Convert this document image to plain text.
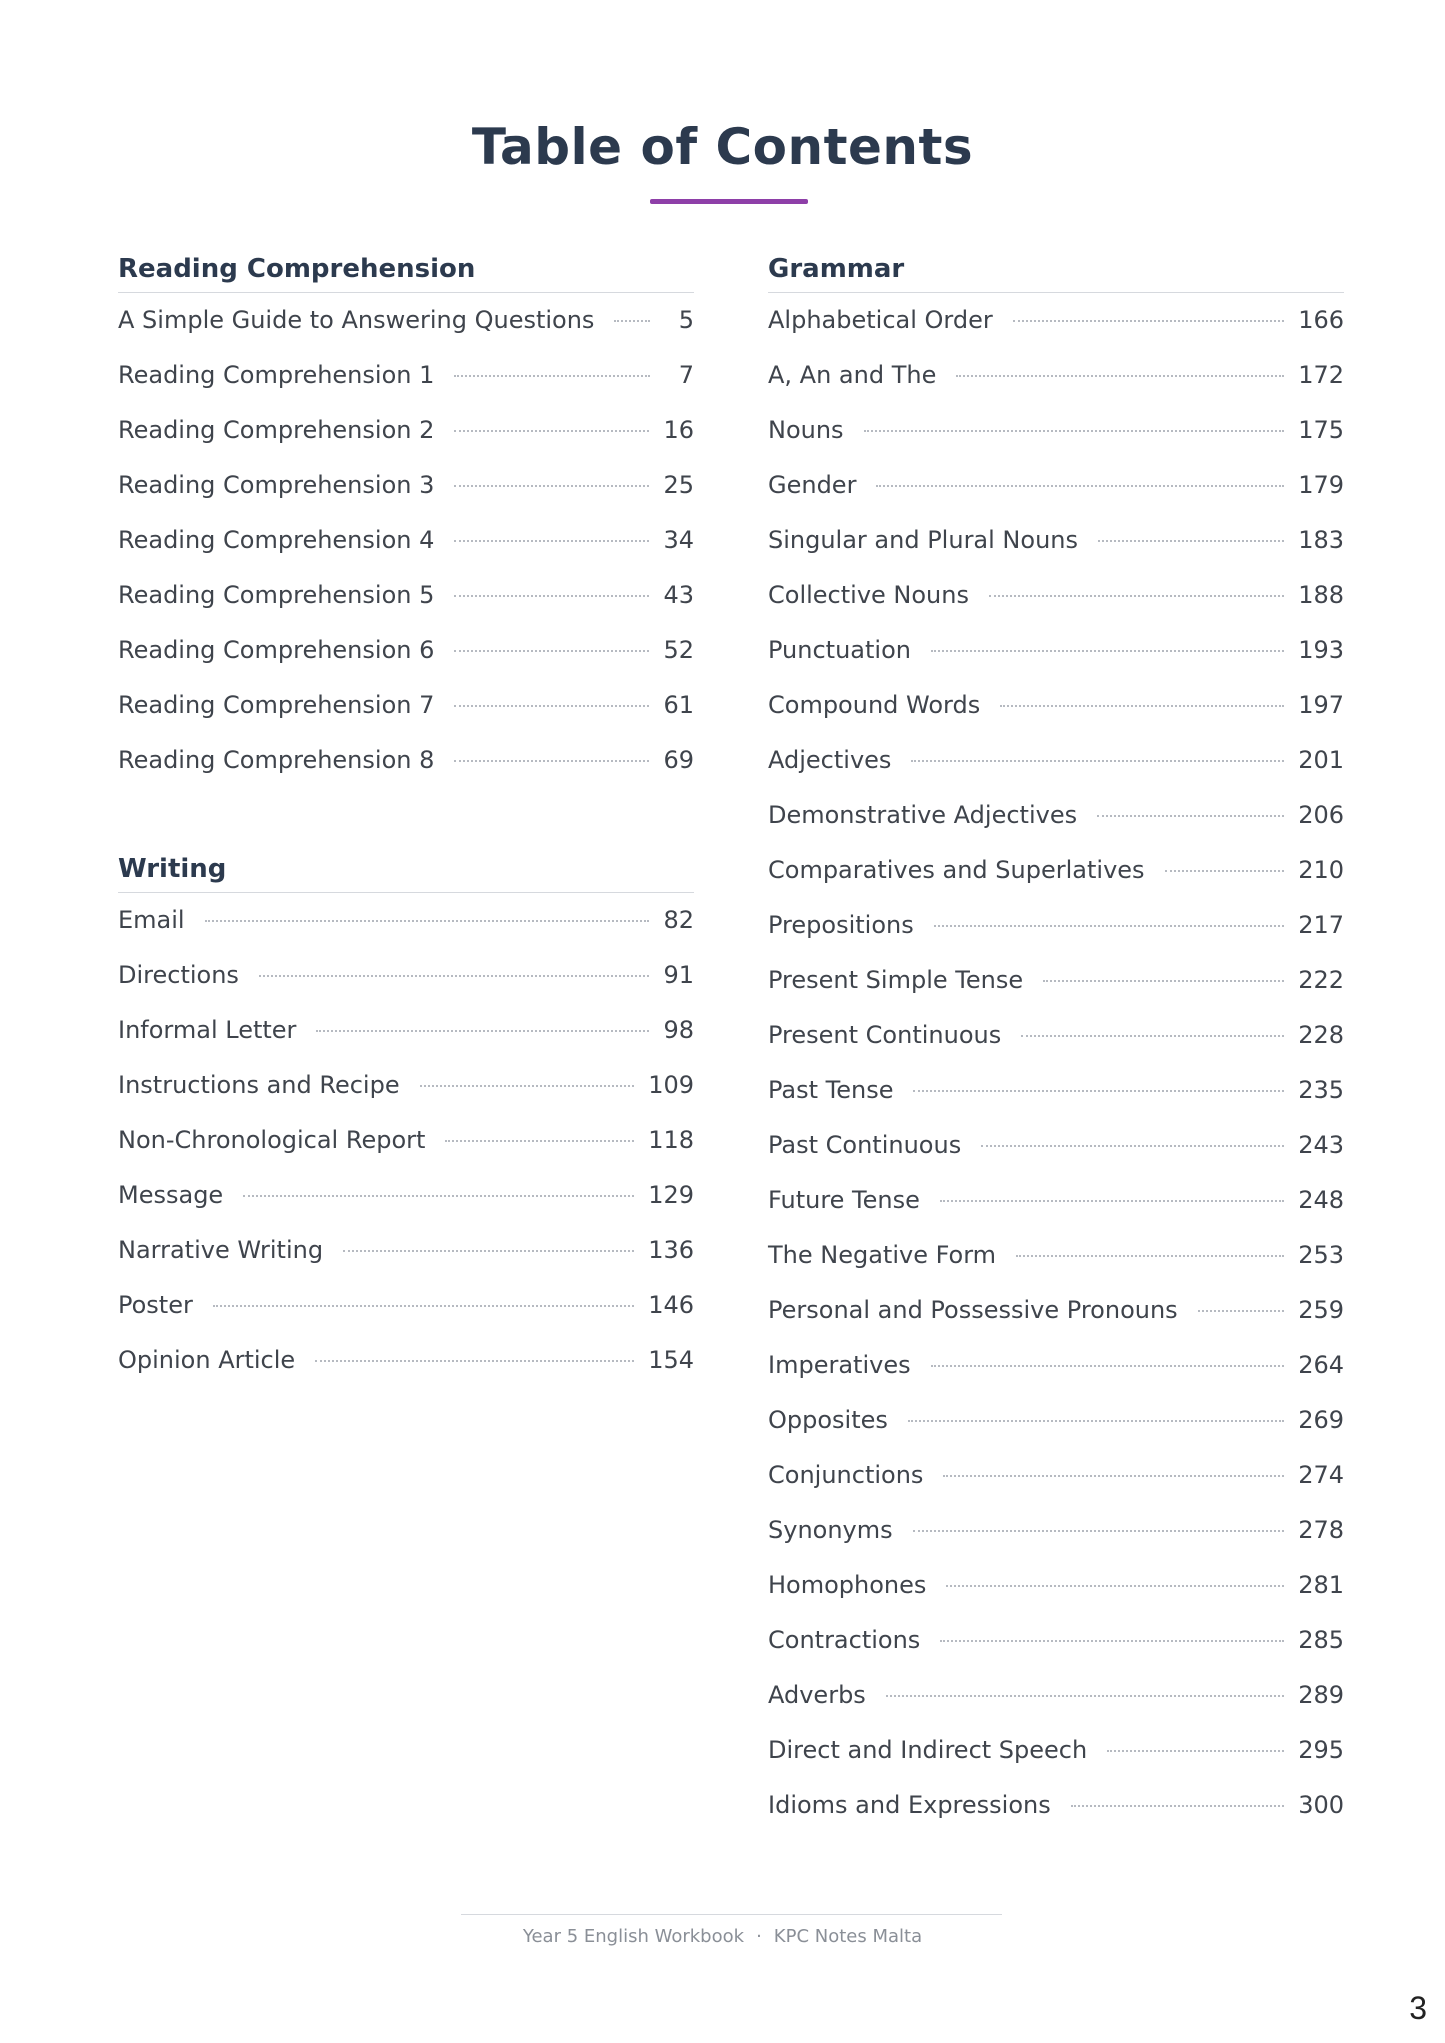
Table of Contents
Reading Comprehension
A Simple Guide to Answering Questions	5
Reading Comprehension 1	7
Reading Comprehension 2	16
Reading Comprehension 3	25
Reading Comprehension 4	34
Reading Comprehension 5	43
Reading Comprehension 6	52
Reading Comprehension 7	61
Reading Comprehension 8	69
Writing
Email	82
Directions	91
Informal Letter	98
Instructions and Recipe	109
Non-Chronological Report	118
Message	129
Narrative Writing	136
Poster	146
Opinion Article	154
Grammar
Alphabetical Order	166
A, An and The	172
Nouns	175
Gender	179
Singular and Plural Nouns	183
Collective Nouns	188
Punctuation	193
Compound Words	197
Adjectives	201
Demonstrative Adjectives	206
Comparatives and Superlatives	210
Prepositions	217
Present Simple Tense	222
Present Continuous	228
Past Tense	235
Past Continuous	243
Future Tense	248
The Negative Form	253
Personal and Possessive Pronouns	259
Imperatives	264
Opposites	269
Conjunctions	274
Synonyms	278
Homophones	281
Contractions	285
Adverbs	289
Direct and Indirect Speech	295
Idioms and Expressions	300
Year 5 English Workbook · KPC Notes Malta
3
